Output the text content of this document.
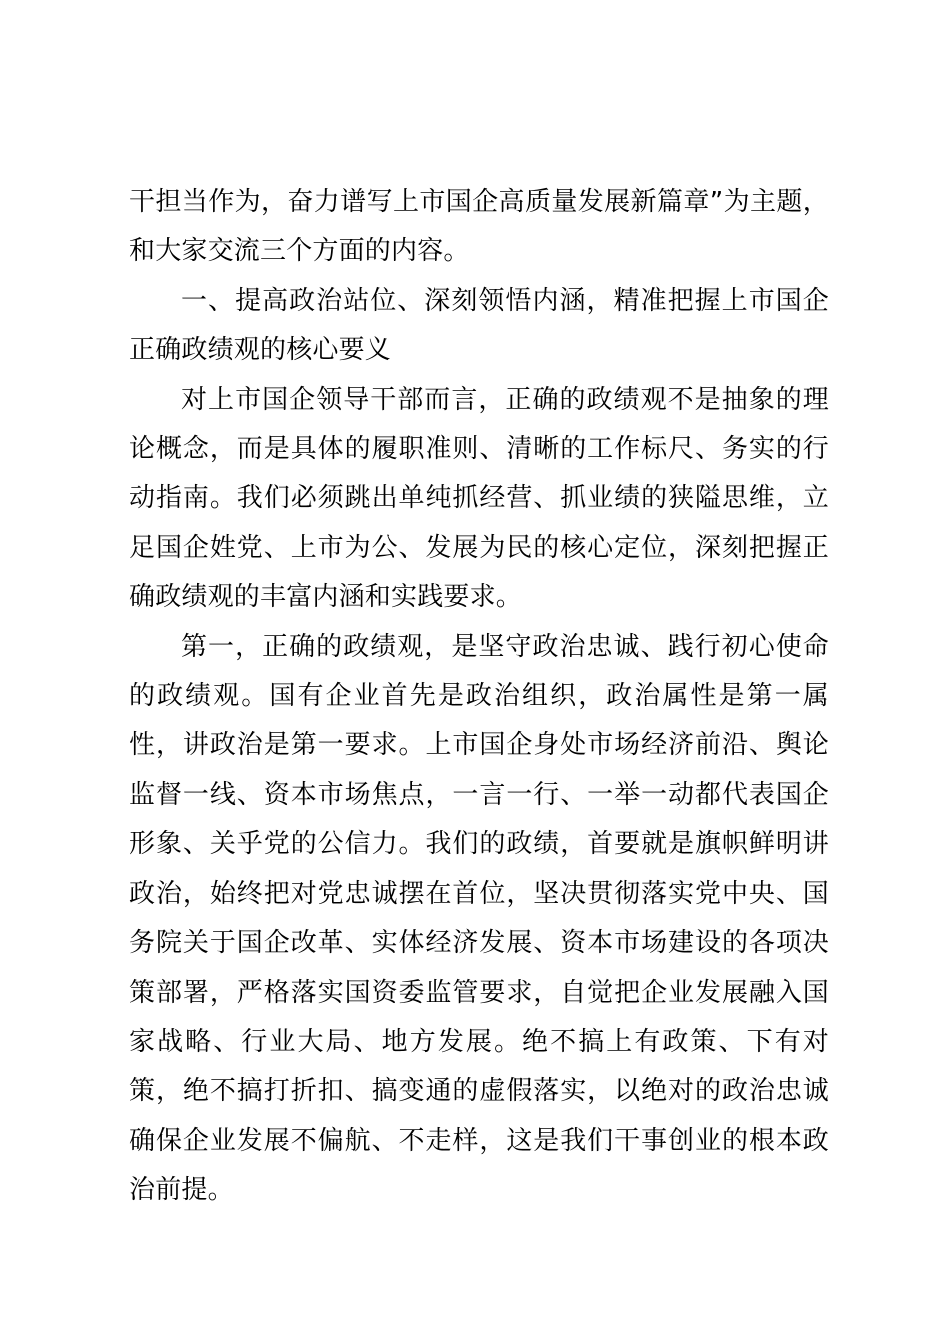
干担当作为，奋力谱写上市国企高质量发展新篇章”为主题，和大家交流三个方面的内容。

一、提高政治站位、深刻领悟内涵，精准把握上市国企正确政绩观的核心要义

对上市国企领导干部而言，正确的政绩观不是抽象的理论概念，而是具体的履职准则、清晰的工作标尺、务实的行动指南。我们必须跳出单纯抓经营、抓业绩的狭隘思维，立足国企姓党、上市为公、发展为民的核心定位，深刻把握正确政绩观的丰富内涵和实践要求。

第一，正确的政绩观，是坚守政治忠诚、践行初心使命的政绩观。国有企业首先是政治组织，政治属性是第一属性，讲政治是第一要求。上市国企身处市场经济前沿、舆论监督一线、资本市场焦点，一言一行、一举一动都代表国企形象、关乎党的公信力。我们的政绩，首要就是旗帜鲜明讲政治，始终把对党忠诚摆在首位，坚决贯彻落实党中央、国务院关于国企改革、实体经济发展、资本市场建设的各项决策部署，严格落实国资委监管要求，自觉把企业发展融入国家战略、行业大局、地方发展。绝不搞上有政策、下有对策，绝不搞打折扣、搞变通的虚假落实，以绝对的政治忠诚确保企业发展不偏航、不走样，这是我们干事创业的根本政治前提。
